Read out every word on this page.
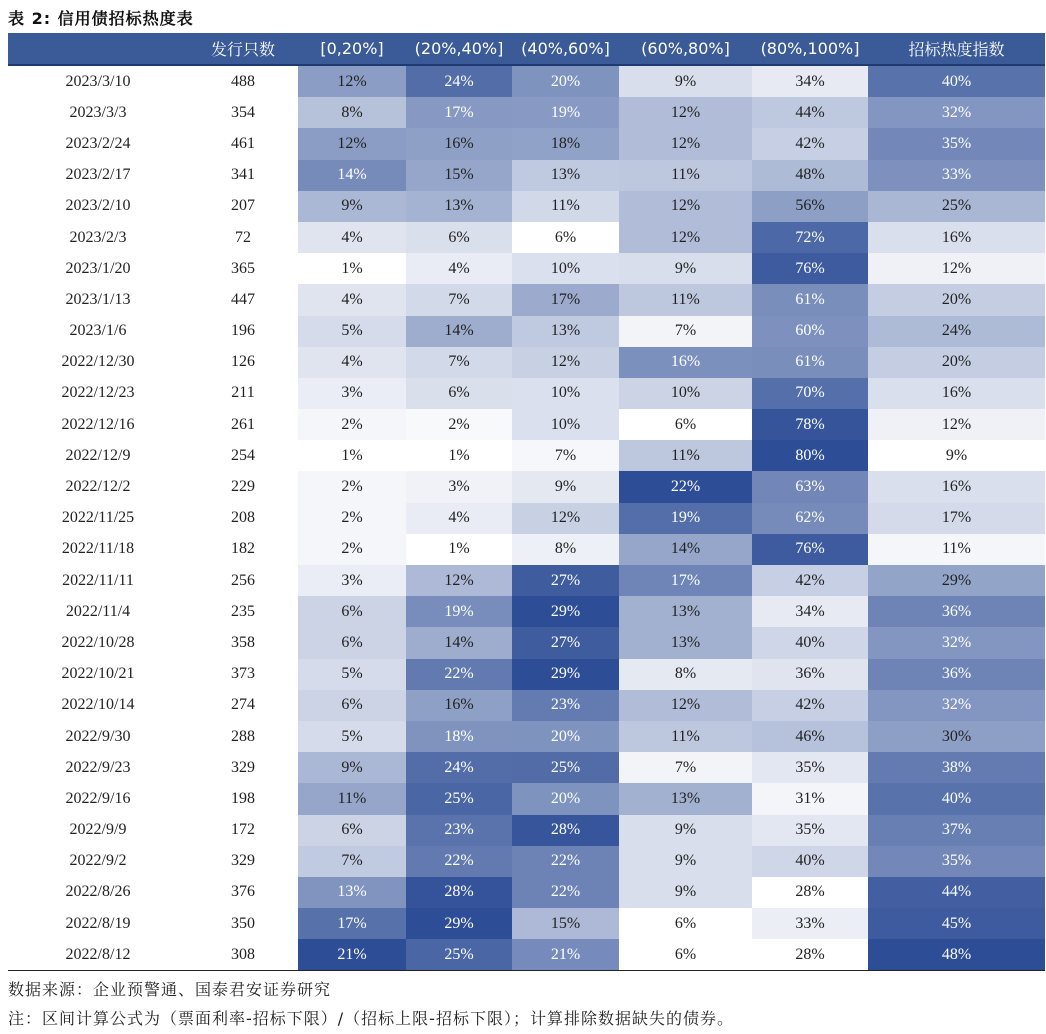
表 2: 信用债招标热度表
	发行只数	[0,20%]	(20%,40%]	(40%,60%]	(60%,80%]	(80%,100%]	招标热度指数
2023/3/10	488	12%	24%	20%	9%	34%	40%
2023/3/3	354	8%	17%	19%	12%	44%	32%
2023/2/24	461	12%	16%	18%	12%	42%	35%
2023/2/17	341	14%	15%	13%	11%	48%	33%
2023/2/10	207	9%	13%	11%	12%	56%	25%
2023/2/3	72	4%	6%	6%	12%	72%	16%
2023/1/20	365	1%	4%	10%	9%	76%	12%
2023/1/13	447	4%	7%	17%	11%	61%	20%
2023/1/6	196	5%	14%	13%	7%	60%	24%
2022/12/30	126	4%	7%	12%	16%	61%	20%
2022/12/23	211	3%	6%	10%	10%	70%	16%
2022/12/16	261	2%	2%	10%	6%	78%	12%
2022/12/9	254	1%	1%	7%	11%	80%	9%
2022/12/2	229	2%	3%	9%	22%	63%	16%
2022/11/25	208	2%	4%	12%	19%	62%	17%
2022/11/18	182	2%	1%	8%	14%	76%	11%
2022/11/11	256	3%	12%	27%	17%	42%	29%
2022/11/4	235	6%	19%	29%	13%	34%	36%
2022/10/28	358	6%	14%	27%	13%	40%	32%
2022/10/21	373	5%	22%	29%	8%	36%	36%
2022/10/14	274	6%	16%	23%	12%	42%	32%
2022/9/30	288	5%	18%	20%	11%	46%	30%
2022/9/23	329	9%	24%	25%	7%	35%	38%
2022/9/16	198	11%	25%	20%	13%	31%	40%
2022/9/9	172	6%	23%	28%	9%	35%	37%
2022/9/2	329	7%	22%	22%	9%	40%	35%
2022/8/26	376	13%	28%	22%	9%	28%	44%
2022/8/19	350	17%	29%	15%	6%	33%	45%
2022/8/12	308	21%	25%	21%	6%	28%	48%
数据来源：企业预警通、国泰君安证券研究
注：区间计算公式为（票面利率-招标下限）/（招标上限-招标下限）；计算排除数据缺失的债券。
